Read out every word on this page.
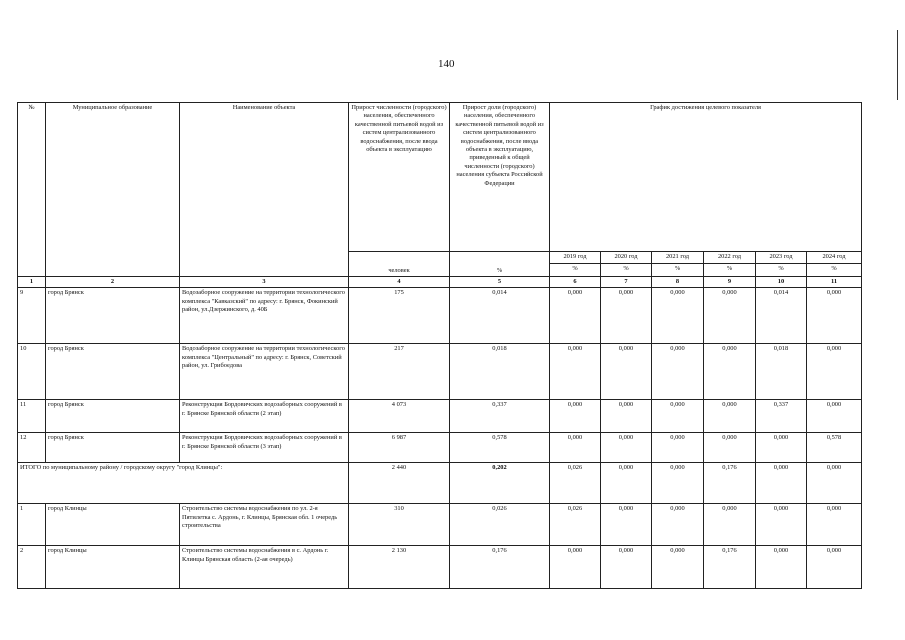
140
№	Муниципальное образование	Наименование объекта	Прирост численности (городского) населения, обеспеченного качественной питьевой водой из систем централизованного водоснабжения, после ввода объекта в эксплуатацию	Прирост доли (городского) населения, обеспеченного качественной питьевой водой из систем централизованного водоснабжения, после ввода объекта в эксплуатацию, приведенный к общей численности (городского) населения субъекта Российской Федерации	График достижения целевого показателя					
			человек	%	2019 год	2020 год	2021 год	2022 год	2023 год	2024 год
					%	%	%	%	%	%
1	2	3	4	5	6	7	8	9	10	11
9	город Брянск	Водозаборное сооружение на территории технологического комплекса "Кавказский" по адресу: г. Брянск, Фокинский район, ул.Дзержинского, д. 40Б	175	0,014	0,000	0,000	0,000	0,000	0,014	0,000
10	город Брянск	Водозаборное сооружение на территории технологического комплекса "Центральный" по адресу: г. Брянск, Советский район, ул. Грибоедова	217	0,018	0,000	0,000	0,000	0,000	0,018	0,000
11	город Брянск	Реконструкция Бордовичских водозаборных сооружений в г. Брянске Брянской области (2 этап)	4 073	0,337	0,000	0,000	0,000	0,000	0,337	0,000
12	город Брянск	Реконструкция Бордовичских водозаборных сооружений в г. Брянске Брянской области (3 этап)	6 987	0,578	0,000	0,000	0,000	0,000	0,000	0,578
ИТОГО по муниципальному району / городскому округу "город Клинцы":			2 440	0,202	0,026	0,000	0,000	0,176	0,000	0,000
1	город Клинцы	Строительство системы водоснабжения по ул. 2-я Пятилетка с. Ардонь, г. Клинцы, Брянская обл. 1 очередь строительства	310	0,026	0,026	0,000	0,000	0,000	0,000	0,000
2	город Клинцы	Строительство системы водоснабжения в с. Ардонь г. Клинцы Брянская область (2-ая очередь)	2 130	0,176	0,000	0,000	0,000	0,176	0,000	0,000
